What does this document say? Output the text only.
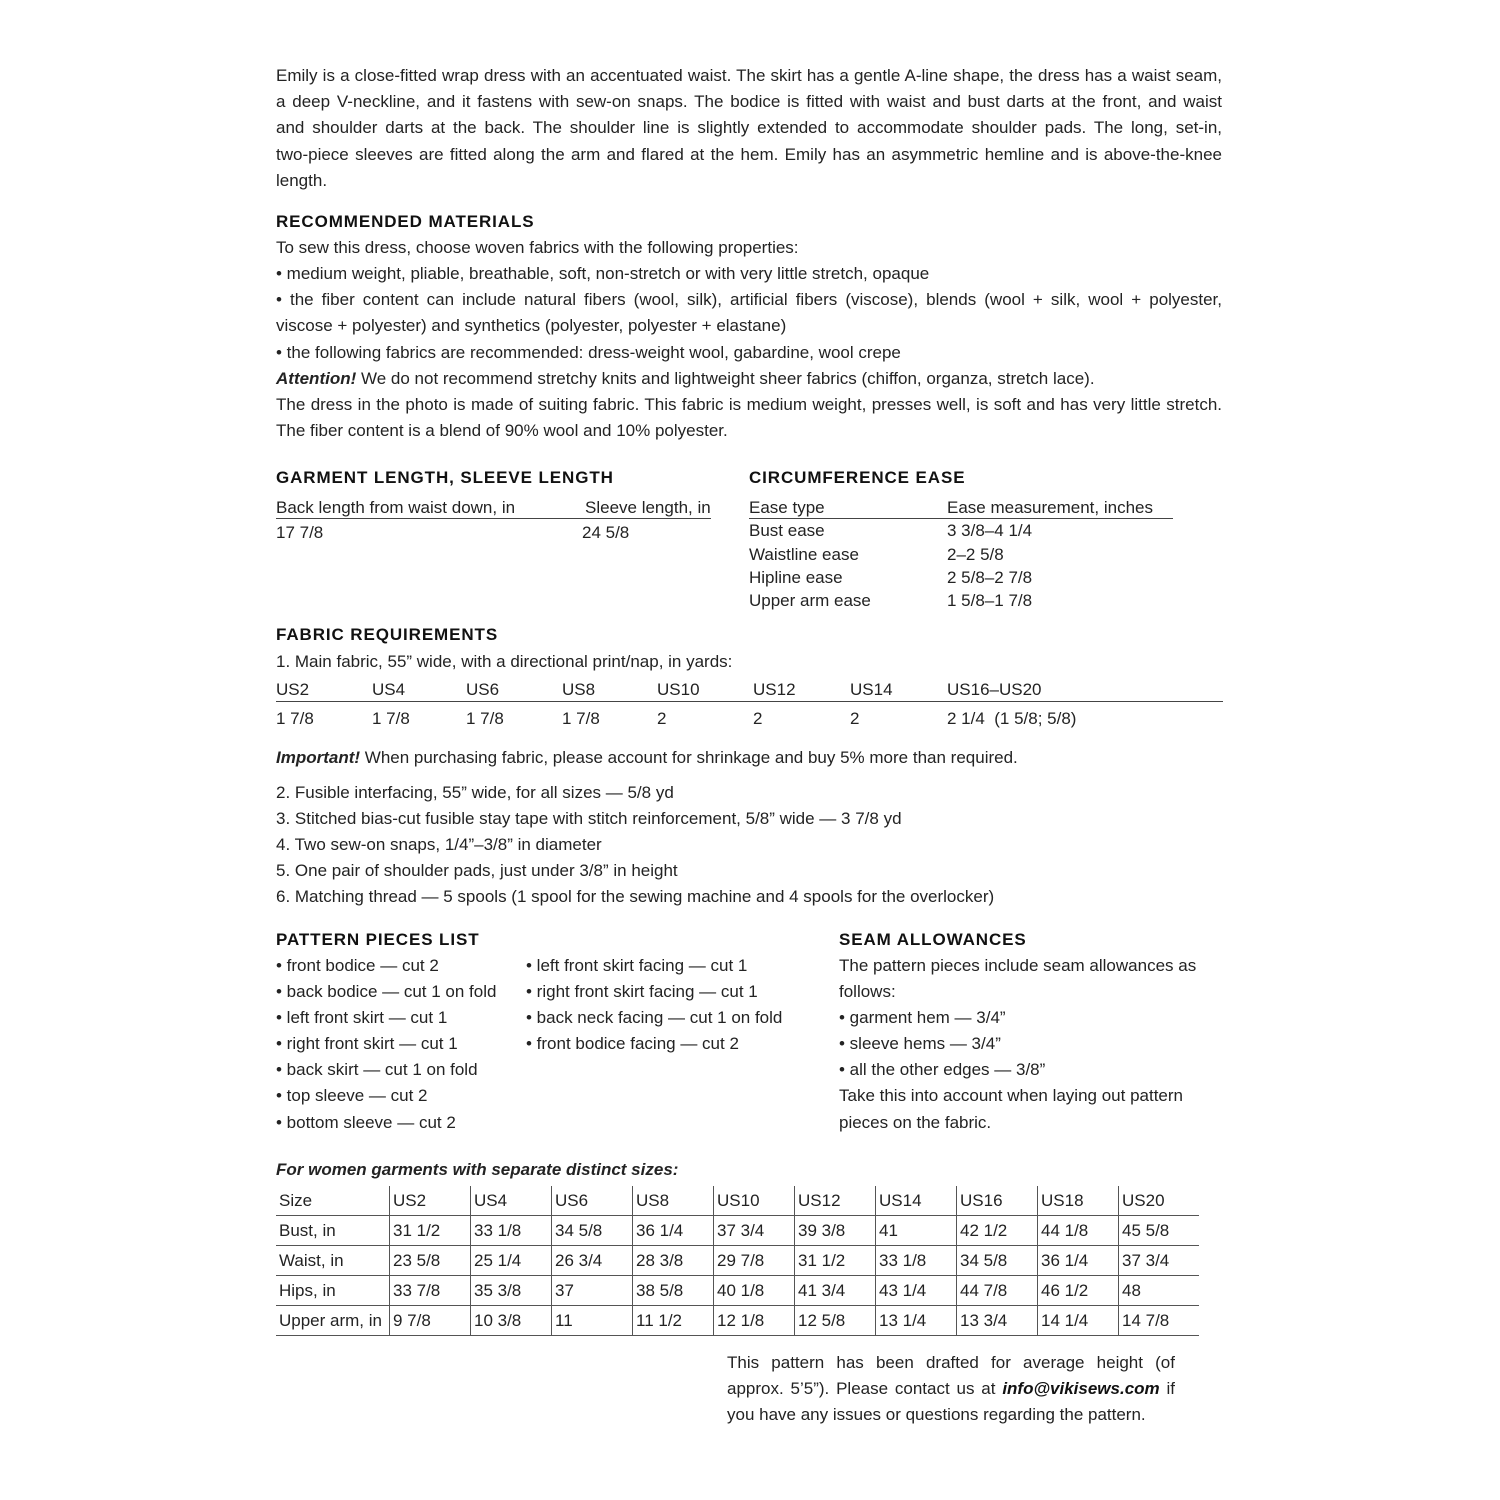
Emily is a close-fitted wrap dress with an accentuated waist. The skirt has a gentle A-line shape, the dress has a waist seam,
a deep V-neckline, and it fastens with sew-on snaps. The bodice is fitted with waist and bust darts at the front, and waist
and shoulder darts at the back. The shoulder line is slightly extended to accommodate shoulder pads. The long, set-in,
two-piece sleeves are fitted along the arm and flared at the hem. Emily has an asymmetric hemline and is above-the-knee
length.
RECOMMENDED MATERIALS
To sew this dress, choose woven fabrics with the following properties:
• medium weight, pliable, breathable, soft, non-stretch or with very little stretch, opaque
• the fiber content can include natural fibers (wool, silk), artificial fibers (viscose), blends (wool + silk, wool + polyester,
viscose + polyester) and synthetics (polyester, polyester + elastane)
• the following fabrics are recommended: dress-weight wool, gabardine, wool crepe
Attention! We do not recommend stretchy knits and lightweight sheer fabrics (chiffon, organza, stretch lace).
The dress in the photo is made of suiting fabric. This fabric is medium weight, presses well, is soft and has very little stretch.
The fiber content is a blend of 90% wool and 10% polyester.
GARMENT LENGTH, SLEEVE LENGTH
Back length from waist down, in	Sleeve length, in
17 7/8	24 5/8
CIRCUMFERENCE EASE
Ease type	Ease measurement, inches
Bust ease	3 3/8–4 1/4
Waistline ease	2–2 5/8
Hipline ease	2 5/8–2 7/8
Upper arm ease	1 5/8–1 7/8
FABRIC REQUIREMENTS
1. Main fabric, 55” wide, with a directional print/nap, in yards:
US2	US4	US6	US8	US10	US12	US14	US16–US20
1 7/8	1 7/8	1 7/8	1 7/8	2	2	2	2 1/4  (1 5/8; 5/8)
Important! When purchasing fabric, please account for shrinkage and buy 5% more than required.
2. Fusible interfacing, 55” wide, for all sizes — 5/8 yd
3. Stitched bias-cut fusible stay tape with stitch reinforcement, 5/8” wide — 3 7/8 yd
4. Two sew-on snaps, 1/4”–3/8” in diameter
5. One pair of shoulder pads, just under 3/8” in height
6. Matching thread — 5 spools (1 spool for the sewing machine and 4 spools for the overlocker)
PATTERN PIECES LIST
• front bodice — cut 2
• back bodice — cut 1 on fold
• left front skirt — cut 1
• right front skirt — cut 1
• back skirt — cut 1 on fold
• top sleeve — cut 2
• bottom sleeve — cut 2
• left front skirt facing — cut 1
• right front skirt facing — cut 1
• back neck facing — cut 1 on fold
• front bodice facing — cut 2
SEAM ALLOWANCES
The pattern pieces include seam allowances as
follows:
• garment hem — 3/4”
• sleeve hems — 3/4”
• all the other edges — 3/8”
Take this into account when laying out pattern
pieces on the fabric.
For women garments with separate distinct sizes:
Size	US2	US4	US6	US8	US10	US12	US14	US16	US18	US20
Bust, in	31 1/2	33 1/8	34 5/8	36 1/4	37 3/4	39 3/8	41	42 1/2	44 1/8	45 5/8
Waist, in	23 5/8	25 1/4	26 3/4	28 3/8	29 7/8	31 1/2	33 1/8	34 5/8	36 1/4	37 3/4
Hips, in	33 7/8	35 3/8	37	38 5/8	40 1/8	41 3/4	43 1/4	44 7/8	46 1/2	48
Upper arm, in	9 7/8	10 3/8	11	11 1/2	12 1/8	12 5/8	13 1/4	13 3/4	14 1/4	14 7/8
This pattern has been drafted for average height (of
approx. 5’5”). Please contact us at info@vikisews.com if
you have any issues or questions regarding the pattern.
